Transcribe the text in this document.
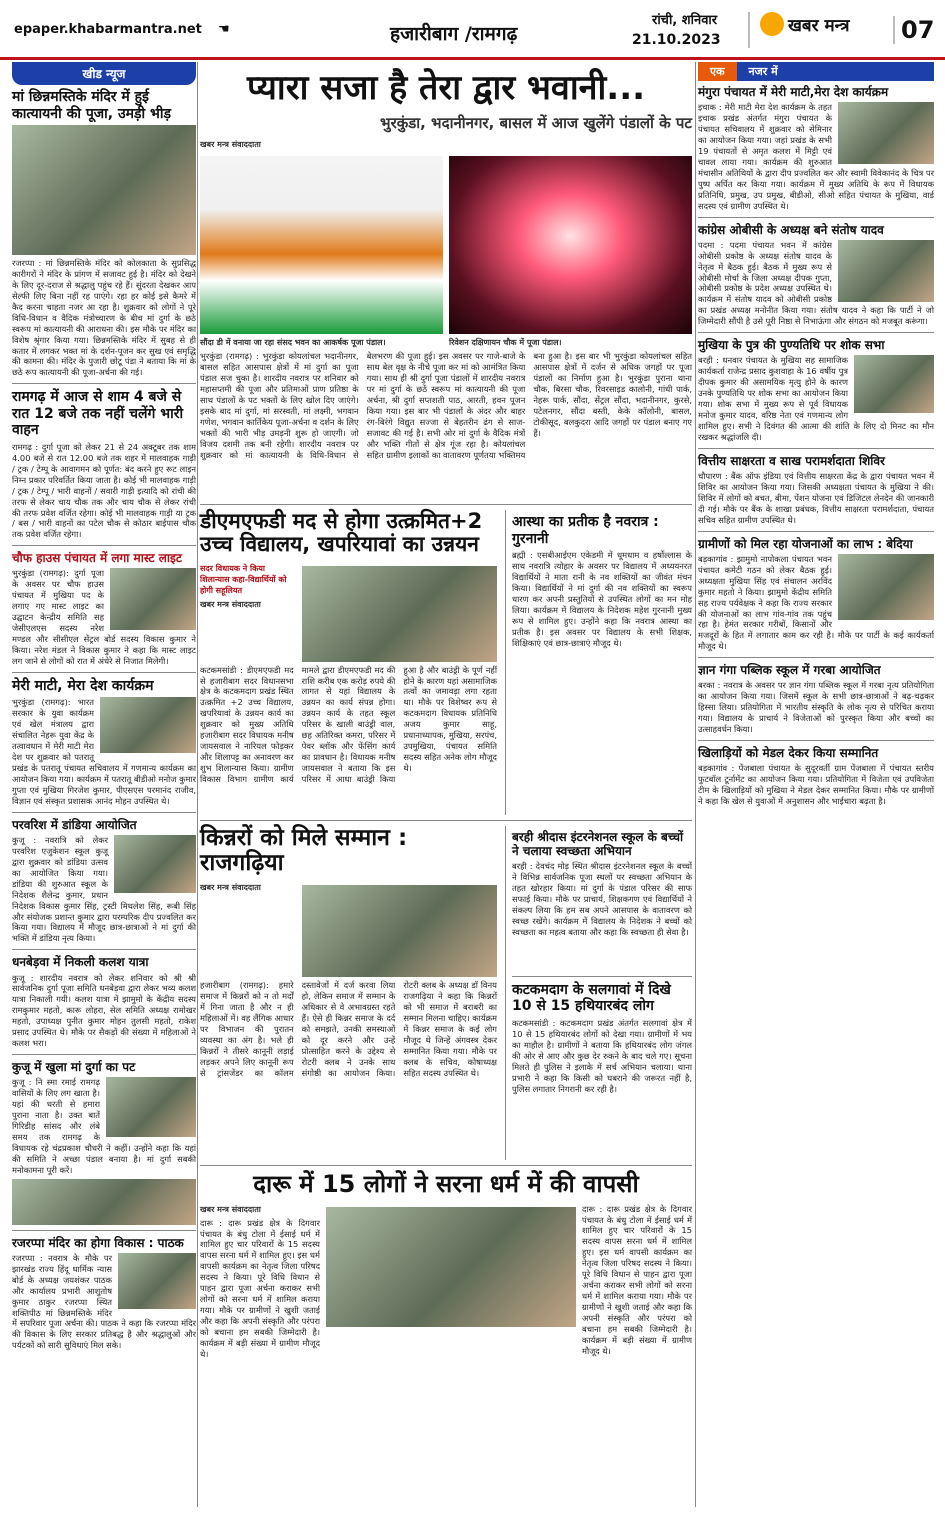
epaper.khabarmantra.net ☚	हजारीबाग /रामगढ़
रांची, शनिवार
21.10.2023
खबर मन्त्र	07
खीड न्यूज
मां छिन्नमस्तिके मंदिर में हुई कात्यायनी की पूजा, उमड़ी भीड़
रजरप्पा : मां छिन्नमस्तिके मंदिर को कोलकाता के सुप्रसिद्ध कारीगरों ने मंदिर के प्रांगण में सजावट हुई है। मंदिर को देखने के लिए दूर-दराज से श्रद्धालु पहुंच रहे हैं। सुंदरता देखकर आप सेल्फी लिए बिना नहीं रह पाएंगे। रहा हर कोई इसे कैमरे में कैद करना चाहता नजर आ रहा है। शुक्रवार को लोगों ने पूरे विधि-विधान व वैदिक मंत्रोच्चारण के बीच मां दुर्गा के छठे स्वरूप मां कात्यायनी की आराधना की। इस मौके पर मंदिर का विशेष श्रृंगार किया गया। छिन्नमस्तिके मंदिर में सुबह से ही कतार में लगकर भक्त मां के दर्शन-पूजन कर सुख एवं समृद्धि की कामना की। मंदिर के पुजारी छोटू पंडा ने बताया कि मां के छठे रूप कात्यायनी की पूजा-अर्चना की गई।
रामगढ़ में आज से शाम 4 बजे से रात 12 बजे तक नहीं चलेंगे भारी वाहन
रामगढ़ : दुर्गा पूजा को लेकर 21 से 24 अक्टूबर तक शाम 4.00 बजे से रात 12.00 बजे तक शहर में मालवाहक गाड़ी / ट्रक / टेम्पू के आवागमन को पूर्णत: बंद करने हुए रूट लाइन निम्न प्रकार परिवर्तित किया जाता है। कोई भी मालवाहक गाड़ी / ट्रक / टेम्पू / भारी वाहनों / सवारी गाड़ी इत्यादि को रांची की तरफ से लेकर चाय चौक तक और चाय चौक से लेकर रांची की तरफ प्रवेश वर्जित रहेगा। कोई भी मालवाहक गाड़ी या ट्रक / बस / भारी वाहनों का पटेल चौक से कोठार बाईपास चौक तक प्रवेश वर्जित रहेगा।
चौफ हाउस पंचायत में लगा मास्ट लाइट
भुरकुंडा (रामगढ़): दुर्गा पूजा के अवसर पर चौफ हाउस पंचायत में मुखिया पद के लगाए गए मास्ट लाइट का उद्घाटन केन्द्रीय समिति सह जेसीएलएस सदस्य नरेश मण्डल और सीसीएल सेंट्रल बोर्ड सदस्य विकास कुमार ने किया। नरेश मंडल ने विकास कुमार ने कहा कि मास्ट लाइट लग जाने से लोगों को रात में अंधेरे से निजात मिलेगी।
मेरी माटी, मेरा देश कार्यक्रम
भुरकुंडा (रामगढ़): भारत सरकार के युवा कार्यक्रम एवं खेल मंत्रालय द्वारा संचालित नेहरू युवा केंद्र के तत्वावधान में मेरी माटी मेरा देश पर शुक्रवार को पतरातू प्रखंड के पतरातू पंचायत सचिवालय में गणमान्य कार्यक्रम का आयोजन किया गया। कार्यक्रम में पतरातू बीडीओ मनोज कुमार गुप्ता एवं मुखिया गिरजेश कुमार, पीएसएस परमानंद राजीव, विज्ञान एवं संस्कृत प्रशासक आनंद मोहन उपस्थित थे।
परवरिश में डांडिया आयोजित
कुजू : नवरात्रि को लेकर परवरिश एजुकेशन स्कूल कुजू द्वारा शुक्रवार को डांडिया उत्सव का आयोजित किया गया। डांडिया की शुरुआत स्कूल के निदेशक शैलेन्द्र कुमार, प्रधान निदेशक विकास कुमार सिंह, ट्रस्टी मिथलेश सिंह, रूबी सिंह और संयोजक प्रशान्त कुमार द्वारा परम्परिक दीप प्रज्वलित कर किया गया। विद्यालय में मौजूद छात्र-छात्राओं ने मां दुर्गा की भक्ति में डांडिया नृत्य किया।
धनबेड़वा में निकली कलश यात्रा
कुजू : शारदीय नवरात्र को लेकर शनिवार को श्री श्री सार्वजनिक दुर्गा पूजा समिति धनबेड़वा द्वारा लेकर भव्य कलश यात्रा निकाली गयी। कलश यात्रा में झामुमो के केंद्रीय सदस्य रामकुमार महतो, कारू लोहरा, सेल समिति अध्यक्ष रामोखर महतो, उपाध्यक्ष पुनीत कुमार मोहन तुलसी महतो, राकेश प्रसाद उपस्थित थे। मौके पर सैकड़ों की संख्या में महिलाओं ने कलश भरा।
कुजू में खुला मां दुर्गा का पट
कुजू : नि स्मा रमाई रामगढ़ वासियों के लिए लग खाता है। यहां की धरती से हमारा पुराना नाता है। उक्त बातें गिरिडीह सांसद और लंबे समय तक रामगढ़ के विधायक रहे चंद्रप्रकाश चौधरी ने कहीं। उन्होंने कहा कि यहां की समिति ने अच्छा पंडाल बनाया है। मां दुर्गा सबकी मनोकामना पूरी करें।
रजरप्पा मंदिर का होगा विकास : पाठक
रजरप्पा : नवरात्र के मौके पर झारखंड राज्य हिंदू धार्मिक न्यास बोर्ड के अध्यक्ष जयशंकर पाठक और कार्यालय प्रभारी आशुतोष कुमार ठाकुर रजरप्पा स्थित शक्तिपीठ मां छिन्नमस्तिके मंदिर में सपरिवार पूजा अर्चना की। पाठक ने कहा कि रजरप्पा मंदिर की विकास के लिए सरकार प्रतिबद्ध है और श्रद्धालुओं और पर्यटकों को सारी सुविधाएं मिल सके।
प्यारा सजा है तेरा द्वार भवानी...
भुरकुंडा, भदानीनगर, बासल में आज खुलेंगे पंडालों के पट
खबर मन्त्र संवाददाता
सौंदा डी में वनाया जा रहा संसद भवन का आकर्षक पूजा पंडाल।	रिवेशन दक्षिणायन चौक में पूजा पंडाल।
भुरकुंडा (रामगढ़) : भुरकुंडा कोयलांचल भदानीनगर, बासल सहित आसपास क्षेत्रों में मां दुर्गा का पूजा पंडाल सज चुका है। शारदीय नवरात्र पर शनिवार को महासप्तमी की पूजा और प्रतिमाओं प्राण प्रतिष्ठा के साथ पंडालों के पट भक्तों के लिए खोल दिए जाएंगे। इसके बाद मां दुर्गा, मां सरस्वती, मां लक्ष्मी, भगवान गणेश, भगवान कार्तिकेय पूजा-अर्चना व दर्शन के लिए भक्तों की भारी भीड़ उमड़नी शुरू हो जाएगी। जो विजय दशमी तक बनी रहेगी। शारदीय नवरात्र पर शुक्रवार को मां कात्यायनी के विधि-विधान से बेलभरण की पूजा हुई। इस अवसर पर गाजे-बाजे के साथ बेल वृक्ष के नीचे पूजा कर मां को आमंत्रित किया गया। साथ ही श्री दुर्गा पूजा पंडालों में शारदीय नवरात्र पर मां दुर्गा के छठें स्वरूप मां कात्यायनी की पूजा अर्चना, श्री दुर्गा सप्तशती पाठ, आरती, हवन पूजन किया गया। इस बार भी पंडालों के अंदर और बाहर रंग-बिरंगे विद्युत सज्जा से बेहतरीन ढंग से साज-सजावट की गई है। सभी ओर मां दुर्गा के वैदिक मंत्रों और भक्ति गीतों से क्षेत्र गूंज रहा है। कोयलांचल सहित ग्रामीण इलाकों का वातावरण पूर्णतया भक्तिमय बना हुआ है। इस बार भी भुरकुंडा कोयलांचल सहित आसपास क्षेत्रों में दर्जन से अधिक जगहों पर पूजा पंडालों का निर्माण हुआ है। भुरकुंडा पुराना थाना चौक, बिरसा चौक, रिवरसाइड कालोनी, गांधी पार्क, नेहरू पार्क, सौंदा, सेंट्रल सौंदा, भदानीनगर, कुरसे, पटेलनगर, सौंदा बस्ती, केके कॉलोनी, बासल, टोकीसूद, बलकुदरा आदि जगहों पर पंडाल बनाए गए हैं।
डीएमएफडी मद से होगा उत्क्रमित+2 उच्च विद्यालय, खपरियावां का उन्नयन
सदर विधायक ने किया शिलान्यास कहा-विद्यार्थियों को होगी सहूलियत
खबर मन्त्र संवाददाता
कटकमसांडी : डीएमएफडी मद से हजारीबाग सदर विधानसभा क्षेत्र के कटकमदाग प्रखंड स्थित उत्क्रमित +2 उच्च विद्यालय, खपरियावां के उन्नयन कार्य का शुक्रवार को मुख्य अतिथि हजारीबाग सदर विधायक मनीष जायसवाल ने नारियल फोड़कर और शिलापट्ट का अनावरण कर शुभ शिलान्यास किया। ग्रामीण विकास विभाग ग्रामीण कार्य मामले द्वारा डीएमएफडी मद की राशि करीब एक करोड़ रुपये की लागत से यहां विद्यालय के उन्नयन का कार्य संपन्न होगा। उन्नयन कार्य के तहत स्कूल परिसर के खाली बाउंड्री वाल, छह अतिरिक्त कमरा, परिसर में पेवर ब्लॉक और फेंसिंग कार्य का प्रावधान है। विधायक मनीष जायसवाल ने बताया कि इस परिसर में आधा बाउंड्री किया हुआ है और बाउंड्री के पूर्ण नहीं होने के कारण यहां असामाजिक तत्वों का जमावड़ा लगा रहता था। मौके पर विशेष्वर रूप से कटकमदाग विधायक प्रतिनिधि अजय कुमार साहू, प्रधानाध्यापक, मुखिया, सरपंच, उपमुखिया, पंचायत समिति सदस्य सहित अनेक लोग मौजूद थे।
आस्था का प्रतीक है नवरात्र : गुरनानी
ब्रह्मी : एसबीआईएम एकेडमी में धूमधाम व हर्षोल्लास के साथ नवरात्रि त्योहार के अवसर पर विद्यालय में अध्ययनरत विद्यार्थियों ने माता रानी के नव शक्तियों का जीवंत मंचन किया। विद्यार्थियों ने मां दुर्गा की नव शक्तियों का स्वरूप धारण कर अपनी प्रस्तुतियों से उपस्थित लोगों का मन मोह लिया। कार्यक्रम में विद्यालय के निदेशक महेश गुरनानी मुख्य रूप से शामिल हुए। उन्होंने कहा कि नवरात्र आस्था का प्रतीक है। इस अवसर पर विद्यालय के सभी शिक्षक, शिक्षिकाएं एवं छात्र-छात्राएं मौजूद थे।
किन्नरों को मिले सम्मान : राजगढ़िया
खबर मन्त्र संवाददाता
हजारीबाग (रामगढ़): हमारे समाज में किन्नरों को न तो मर्दों में गिना जाता है और न ही महिलाओं में। वह लैंगिक आधार पर विभाजन की पुरातन व्यवस्था का अंग है। भले ही किन्नरों ने तीसरे कानूनी लड़ाई लड़कर अपने लिए कानूनी रूप से ट्रांसजेंडर का कॉलम दस्तावेजों में दर्ज करवा लिया हो, लेकिन समाज में सम्मान के अधिकार से वे अभावग्रस्त रहते हैं। ऐसे ही किन्नर समाज के दर्द को समझते, उनकी समस्याओं को दूर करने और उन्हें प्रोत्साहित करने के उद्देश्य से रोटरी क्लब ने उनके साथ संगोष्ठी का आयोजन किया। रोटरी क्लब के अध्यक्ष डॉ विनय राजगढ़िया ने कहा कि किन्नरों को भी समाज में बराबरी का सम्मान मिलना चाहिए। कार्यक्रम में किन्नर समाज के कई लोग मौजूद थे जिन्हें अंगवस्त्र देकर सम्मानित किया गया। मौके पर क्लब के सचिव, कोषाध्यक्ष सहित सदस्य उपस्थित थे।
बरही श्रीदास इंटरनेशनल स्कूल के बच्चों ने चलाया स्वच्छता अभियान
बरही : देवचंद मोड़ स्थित श्रीदास इंटरनेशनल स्कूल के बच्चों ने विभिन्न सार्वजनिक पूजा स्थलों पर स्वच्छता अभियान के तहत खोरहार किया। मां दुर्गा के पंडाल परिसर की साफ सफाई किया। मौके पर प्राचार्य, शिक्षकगण एवं विद्यार्थियों ने संकल्प लिया कि हम सब अपने आसपास के वातावरण को स्वच्छ रखेंगे। कार्यक्रम में विद्यालय के निदेशक ने बच्चों को स्वच्छता का महत्व बताया और कहा कि स्वच्छता ही सेवा है।
कटकमदाग के सलगावां में दिखे 10 से 15 हथियारबंद लोग
कटकमसांडी : कटकमदाग प्रखंड अंतर्गत सलगावां क्षेत्र में 10 से 15 हथियारबंद लोगों को देखा गया। ग्रामीणों में भय का माहौल है। ग्रामीणों ने बताया कि हथियारबंद लोग जंगल की ओर से आए और कुछ देर रुकने के बाद चले गए। सूचना मिलते ही पुलिस ने इलाके में सर्च अभियान चलाया। थाना प्रभारी ने कहा कि किसी को घबराने की जरूरत नहीं है, पुलिस लगातार निगरानी कर रही है।
दारू में 15 लोगों ने सरना धर्म में की वापसी
खबर मन्त्र संवाददाता
दारू : दारू प्रखंड क्षेत्र के दिगवार पंचायत के बंधु टोला में ईसाई धर्म में शामिल हुए चार परिवारों के 15 सदस्य वापस सरना धर्म में शामिल हुए। इस धर्म वापसी कार्यक्रम का नेतृत्व जिला परिषद सदस्य ने किया। पूरे विधि विधान से पाहन द्वारा पूजा अर्चना कराकर सभी लोगों को सरना धर्म में शामिल कराया गया। मौके पर ग्रामीणों ने खुशी जताई और कहा कि अपनी संस्कृति और परंपरा को बचाना हम सबकी जिम्मेदारी है। कार्यक्रम में बड़ी संख्या में ग्रामीण मौजूद थे।
दारू : दारू प्रखंड क्षेत्र के दिगवार पंचायत के बंधु टोला में ईसाई धर्म में शामिल हुए चार परिवारों के 15 सदस्य वापस सरना धर्म में शामिल हुए। इस धर्म वापसी कार्यक्रम का नेतृत्व जिला परिषद सदस्य ने किया। पूरे विधि विधान से पाहन द्वारा पूजा अर्चना कराकर सभी लोगों को सरना धर्म में शामिल कराया गया। मौके पर ग्रामीणों ने खुशी जताई और कहा कि अपनी संस्कृति और परंपरा को बचाना हम सबकी जिम्मेदारी है। कार्यक्रम में बड़ी संख्या में ग्रामीण मौजूद थे।
एक	नजर में
मंगुरा पंचायत में मेरी माटी,मेरा देश कार्यक्रम
इचाक : मेरी माटी मेरा देश कार्यक्रम के तहत इचाक प्रखंड अंतर्गत मंगुरा पंचायत के पंचायत सचिवालय में शुक्रवार को सेमिनार का आयोजन किया गया। जहां प्रखंड के सभी 19 पंचायतों से अमृत कलश में मिट्टी एवं चावल लाया गया। कार्यक्रम की शुरुआत मंचासीन अतिथियों के द्वारा दीप प्रज्वलित कर और स्वामी विवेकानंद के चित्र पर पुष्प अर्पित कर किया गया। कार्यक्रम में मुख्य अतिथि के रूप में विधायक प्रतिनिधि, प्रमुख, उप प्रमुख, बीडीओ, सीओ सहित पंचायत के मुखिया, वार्ड सदस्य एवं ग्रामीण उपस्थित थे।
कांग्रेस ओबीसी के अध्यक्ष बने संतोष यादव
पदमा : पदमा पंचायत भवन में कांग्रेस ओबीसी प्रकोष्ठ के अध्यक्ष संतोष यादव के नेतृत्व में बैठक हुई। बैठक में मुख्य रूप से ओबीसी मोर्चा के जिला अध्यक्ष दीपक गुप्ता, ओबीसी प्रकोष्ठ के प्रदेश अध्यक्ष उपस्थित थे। कार्यक्रम में संतोष यादव को ओबीसी प्रकोष्ठ का प्रखंड अध्यक्ष मनोनीत किया गया। संतोष यादव ने कहा कि पार्टी ने जो जिम्मेदारी सौंपी है उसे पूरी निष्ठा से निभाऊंगा और संगठन को मजबूत करूंगा।
मुखिया के पुत्र की पुण्यतिथि पर शोक सभा
बरही : धनवार पंचायत के मुखिया सह सामाजिक कार्यकर्ता राजेन्द्र प्रसाद कुशवाहा के 16 वर्षीय पुत्र दीपक कुमार की असामयिक मृत्यु होने के कारण उनके पुण्यतिथि पर शोक सभा का आयोजन किया गया। शोक सभा में मुख्य रूप से पूर्व विधायक मनोज कुमार यादव, वरिष्ठ नेता एवं गणमान्य लोग शामिल हुए। सभी ने दिवंगत की आत्मा की शांति के लिए दो मिनट का मौन रखकर श्रद्धांजलि दी।
वित्तीय साक्षरता व साख परामर्शदाता शिविर
चौपारण : बैंक ऑफ इंडिया एवं वित्तीय साक्षरता केंद्र के द्वारा पंचायत भवन में शिविर का आयोजन किया गया। जिसकी अध्यक्षता पंचायत के मुखिया ने की। शिविर में लोगों को बचत, बीमा, पेंशन योजना एवं डिजिटल लेनदेन की जानकारी दी गई। मौके पर बैंक के शाखा प्रबंधक, वित्तीय साक्षरता परामर्शदाता, पंचायत सचिव सहित ग्रामीण उपस्थित थे।
ग्रामीणों को मिल रहा योजनाओं का लाभ : बेदिया
बड़कागांव : झामुमो नापोकला पंचायत भवन पंचायत कमेटी गठन को लेकर बैठक हुई। अध्यक्षता मुखिया सिंह एवं संचालन अरविंद कुमार महतो ने किया। झामुमो केंद्रीय समिति सह राज्य पर्यवेक्षक ने कहा कि राज्य सरकार की योजनाओं का लाभ गांव-गांव तक पहुंच रहा है। हेमंत सरकार गरीबों, किसानों और मजदूरों के हित में लगातार काम कर रही है। मौके पर पार्टी के कई कार्यकर्ता मौजूद थे।
ज्ञान गंगा पब्लिक स्कूल में गरबा आयोजित
बरका : नवरात्र के अवसर पर ज्ञान गंगा पब्लिक स्कूल में गरबा नृत्य प्रतियोगिता का आयोजन किया गया। जिसमें स्कूल के सभी छात्र-छात्राओं ने बढ़-चढ़कर हिस्सा लिया। प्रतियोगिता में भारतीय संस्कृति के लोक नृत्य से परिचित कराया गया। विद्यालय के प्राचार्य ने विजेताओं को पुरस्कृत किया और बच्चों का उत्साहवर्धन किया।
खिलाड़ियों को मेडल देकर किया सम्मानित
बड़कागांव : पेंजबाला पंचायत के सुदूरवर्ती ग्राम पेंजबाला में पंचायत स्तरीय फुटबॉल टूर्नामेंट का आयोजन किया गया। प्रतियोगिता में विजेता एवं उपविजेता टीम के खिलाड़ियों को मुखिया ने मेडल देकर सम्मानित किया। मौके पर ग्रामीणों ने कहा कि खेल से युवाओं में अनुशासन और भाईचारा बढ़ता है।
